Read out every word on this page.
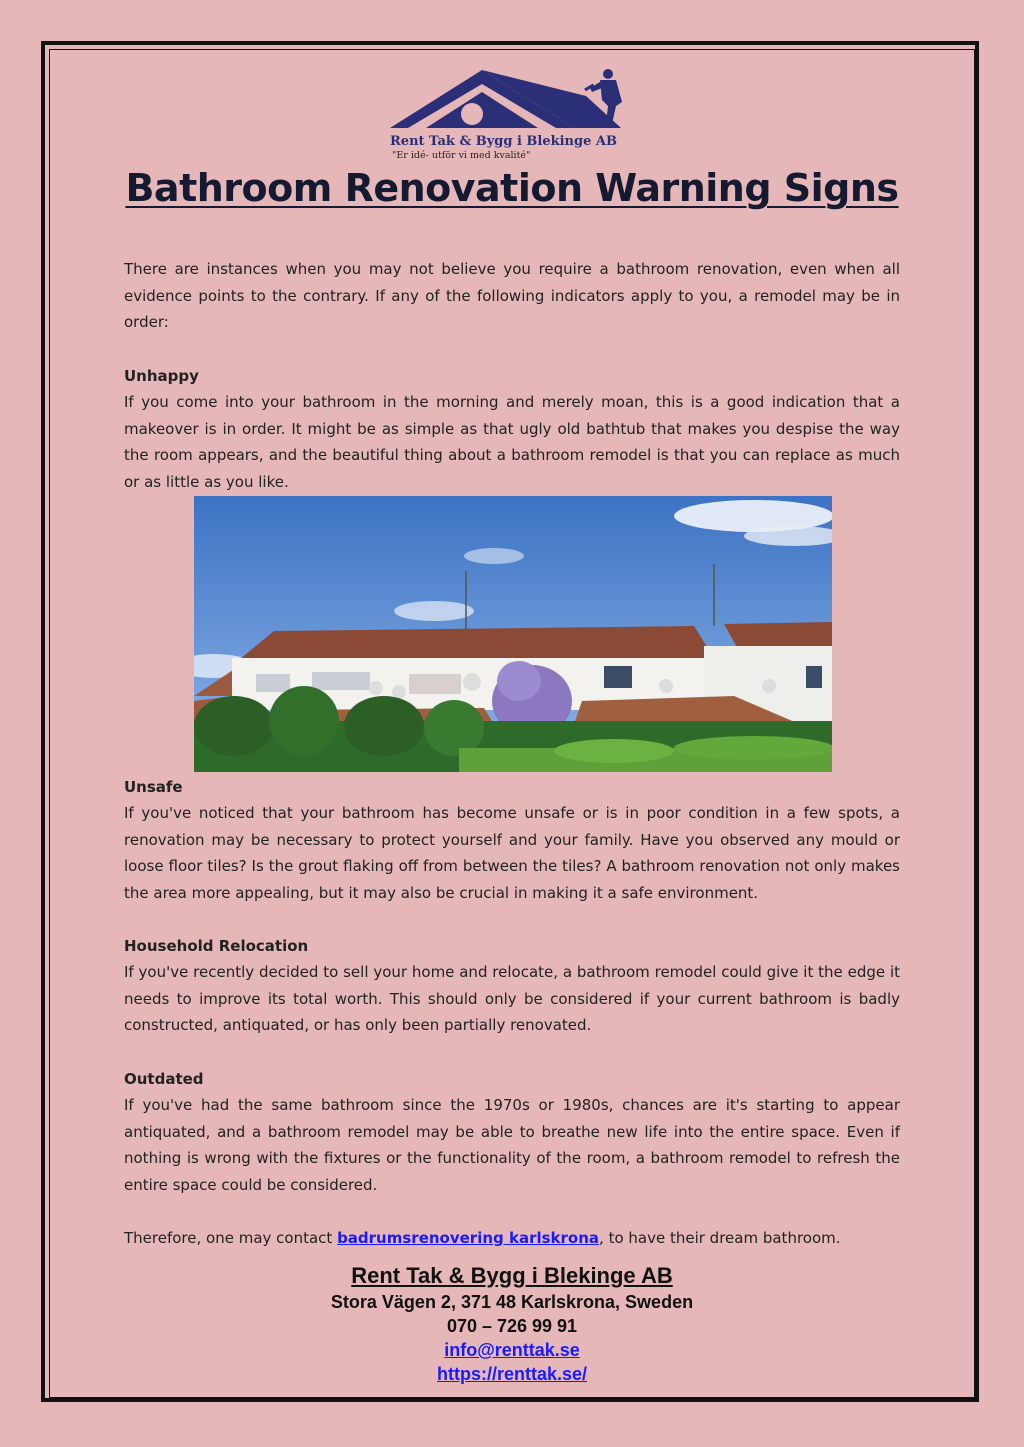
Rent Tak & Bygg i Blekinge AB
"Er idé- utför vi med kvalité"
Bathroom Renovation Warning Signs

There are instances when you may not believe you require a bathroom renovation, even when all evidence points to the contrary. If any of the following indicators apply to you, a remodel may be in order:

Unhappy

If you come into your bathroom in the morning and merely moan, this is a good indication that a makeover is in order. It might be as simple as that ugly old bathtub that makes you despise the way the room appears, and the beautiful thing about a bathroom remodel is that you can replace as much or as little as you like.

Unsafe

If you've noticed that your bathroom has become unsafe or is in poor condition in a few spots, a renovation may be necessary to protect yourself and your family. Have you observed any mould or loose floor tiles? Is the grout flaking off from between the tiles? A bathroom renovation not only makes the area more appealing, but it may also be crucial in making it a safe environment.

Household Relocation

If you've recently decided to sell your home and relocate, a bathroom remodel could give it the edge it needs to improve its total worth. This should only be considered if your current bathroom is badly constructed, antiquated, or has only been partially renovated.

Outdated

If you've had the same bathroom since the 1970s or 1980s, chances are it's starting to appear antiquated, and a bathroom remodel may be able to breathe new life into the entire space. Even if nothing is wrong with the fixtures or the functionality of the room, a bathroom remodel to refresh the entire space could be considered.

Therefore, one may contact badrumsrenovering karlskrona, to have their dream bathroom.

Rent Tak & Bygg i Blekinge AB

Stora Vägen 2, 371 48 Karlskrona, Sweden

070 – 726 99 91

info@renttak.se

https://renttak.se/
